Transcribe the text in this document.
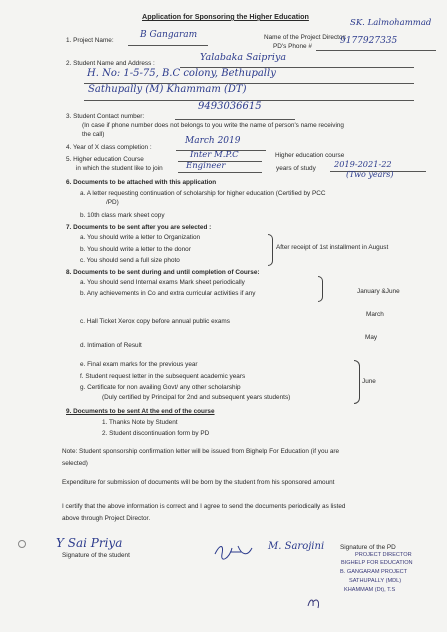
Application for Sponsoring the Higher Education
1. Project Name:
B Gangaram	Name of the Project Director:
SK. Lalmohammad
PD's Phone #
9177927335
2. Student Name and Address :
Yalabaka Saipriya
H. No: 1-5-75, B.C colony, Bethupally
Sathupally (M) Khammam (DT)
9493036615
3. Student Contact number:
(In case if phone number does not belongs to you write the name of person's name receiving
the call)
4. Year of X class completion :
March 2019
5. Higher education Course	Inter M.P.C
in which the student like to join	Engineer
Higher education course
years of study 2019-2021-22
(Two years)
6. Documents to be attached with this application
a. A letter requesting continuation of scholarship for higher education (Certified by PCC
/PD)
b. 10th class mark sheet copy
7. Documents to be sent after you are selected :
a. You should write a letter to Organization
b. You should write a letter to the donor
c. You should send a full size photo
After receipt of 1st installment in August
8. Documents to be sent during and until completion of Course:
a. You should send Internal exams Mark sheet periodically
b. Any achievements in Co and extra curricular activities if any	January &June
March
c. Hall Ticket Xerox copy before annual public exams
May
d. Intimation of Result
e. Final exam marks for the previous year
f. Student request letter in the subsequent academic years
g. Certificate for non availing Govt/ any other scholarship
(Duly certified by Principal for 2nd and subsequent years students)
June
9. Documents to be sent At the end of the course
1. Thanks Note by Student
2. Student discontinuation form by PD
Note: Student sponsorship confirmation letter will be issued from Bighelp For Education (if you are
selected)
Expenditure for submission of documents will be born by the student from his sponsored amount
I certify that the above information is correct and I agree to send the documents periodically as listed
above through Project Director.
Y Sai Priya
Signature of the student
M. Sarojini Signature of the PD
PROJECT DIRECTOR
BIGHELP FOR EDUCATION
B. GANGARAM PROJECT
SATHUPALLY (MDL)
KHAMMAM (Dt), T.S
